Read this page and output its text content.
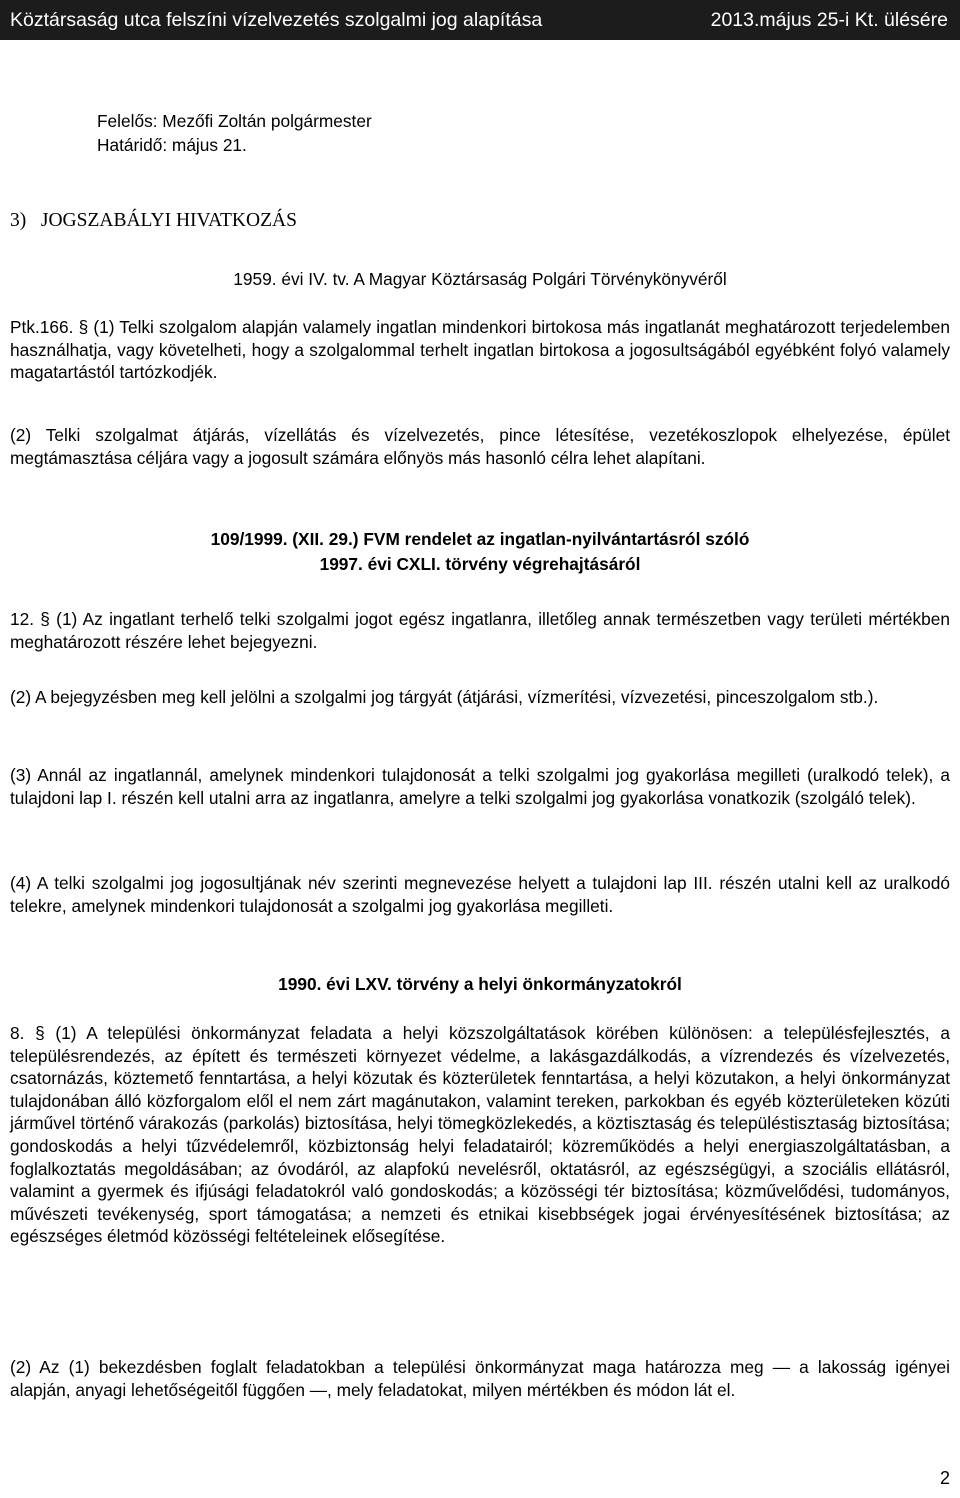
Köztársaság utca felszíni vízelvezetés szolgalmi jog alapítása	2013.május 25-i Kt. ülésére

Felelős: Mezőfi Zoltán polgármester

Határidő: május 21.

3)   JOGSZABÁLYI HIVATKOZÁS

1959. évi IV. tv. A Magyar Köztársaság Polgári Törvénykönyvéről

Ptk.166. § (1) Telki szolgalom alapján valamely ingatlan mindenkori birtokosa más ingatlanát meghatározott terjedelemben használhatja, vagy követelheti, hogy a szolgalommal terhelt ingatlan birtokosa a jogosultságából egyébként folyó valamely magatartástól tartózkodjék.

(2) Telki szolgalmat átjárás, vízellátás és vízelvezetés, pince létesítése, vezetékoszlopok elhelyezése, épület megtámasztása céljára vagy a jogosult számára előnyös más hasonló célra lehet alapítani.

109/1999. (XII. 29.) FVM rendelet az ingatlan-nyilvántartásról szóló

1997. évi CXLI. törvény végrehajtásáról

12. § (1) Az ingatlant terhelő telki szolgalmi jogot egész ingatlanra, illetőleg annak természetben vagy területi mértékben meghatározott részére lehet bejegyezni.

(2) A bejegyzésben meg kell jelölni a szolgalmi jog tárgyát (átjárási, vízmerítési, vízvezetési, pinceszolgalom stb.).

(3) Annál az ingatlannál, amelynek mindenkori tulajdonosát a telki szolgalmi jog gyakorlása megilleti (uralkodó telek), a tulajdoni lap I. részén kell utalni arra az ingatlanra, amelyre a telki szolgalmi jog gyakorlása vonatkozik (szolgáló telek).

(4) A telki szolgalmi jog jogosultjának név szerinti megnevezése helyett a tulajdoni lap III. részén utalni kell az uralkodó telekre, amelynek mindenkori tulajdonosát a szolgalmi jog gyakorlása megilleti.

1990. évi LXV. törvény a helyi önkormányzatokról

8. § (1) A települési önkormányzat feladata a helyi közszolgáltatások körében különösen: a településfejlesztés, a településrendezés, az épített és természeti környezet védelme, a lakásgazdálkodás, a vízrendezés és vízelvezetés, csatornázás, köztemető fenntartása, a helyi közutak és közterületek fenntartása, a helyi közutakon, a helyi önkormányzat tulajdonában álló közforgalom elől el nem zárt magánutakon, valamint tereken, parkokban és egyéb közterületeken közúti járművel történő várakozás (parkolás) biztosítása, helyi tömegközlekedés, a köztisztaság és településtisztaság biztosítása; gondoskodás a helyi tűzvédelemről, közbiztonság helyi feladatairól; közreműködés a helyi energiaszolgáltatásban, a foglalkoztatás megoldásában; az óvodáról, az alapfokú nevelésről, oktatásról, az egészségügyi, a szociális ellátásról, valamint a gyermek és ifjúsági feladatokról való gondoskodás; a közösségi tér biztosítása; közművelődési, tudományos, művészeti tevékenység, sport támogatása; a nemzeti és etnikai kisebbségek jogai érvényesítésének biztosítása; az egészséges életmód közösségi feltételeinek elősegítése.

(2) Az (1) bekezdésben foglalt feladatokban a települési önkormányzat maga határozza meg — a lakosság igényei alapján, anyagi lehetőségeitől függően —, mely feladatokat, milyen mértékben és módon lát el.

2
